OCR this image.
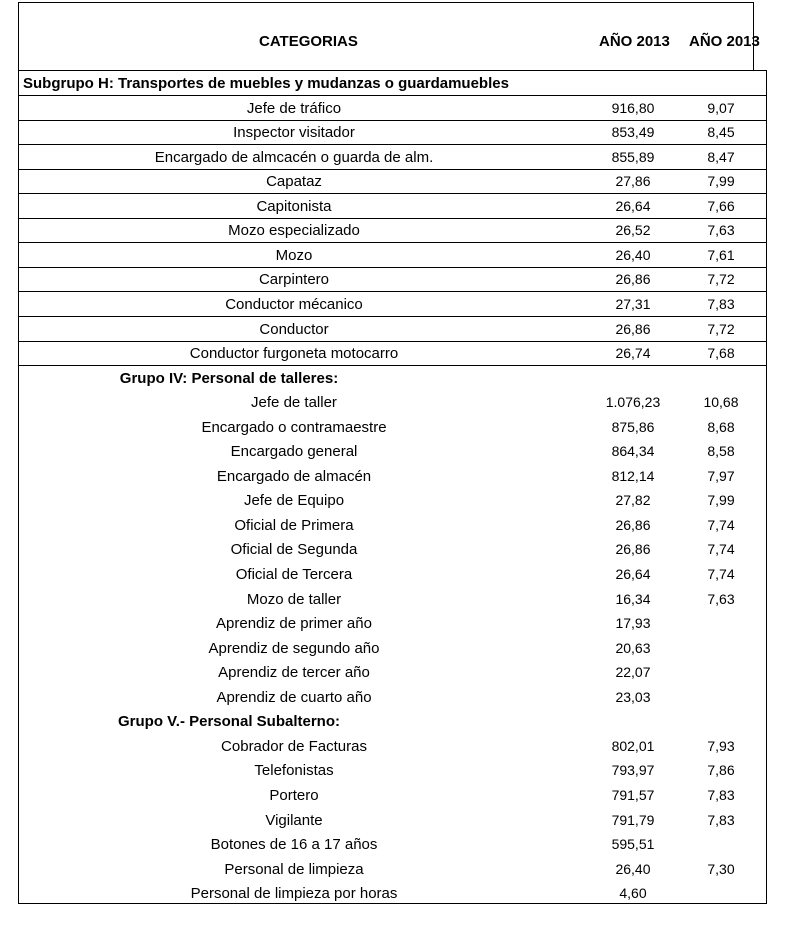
CATEGORIAS	AÑO 2013 AÑO 2013
Subgrupo H: Transportes de muebles y mudanzas o guardamuebles
Jefe de tráfico	916,80	9,07
Inspector visitador	853,49	8,45
Encargado de almcacén o guarda de alm.	855,89	8,47
Capataz	27,86	7,99
Capitonista	26,64	7,66
Mozo especializado	26,52	7,63
Mozo	26,40	7,61
Carpintero	26,86	7,72
Conductor mécanico	27,31	7,83
Conductor	26,86	7,72
Conductor furgoneta motocarro	26,74	7,68
Grupo IV: Personal de talleres:
Jefe de taller	1.076,23	10,68
Encargado o contramaestre	875,86	8,68
Encargado general	864,34	8,58
Encargado de almacén	812,14	7,97
Jefe de Equipo	27,82	7,99
Oficial de Primera	26,86	7,74
Oficial de Segunda	26,86	7,74
Oficial de Tercera	26,64	7,74
Mozo de taller	16,34	7,63
Aprendiz de primer año	17,93
Aprendiz de segundo año	20,63
Aprendiz de tercer año	22,07
Aprendiz de cuarto año	23,03
Grupo V.- Personal Subalterno:
Cobrador de Facturas	802,01	7,93
Telefonistas	793,97	7,86
Portero	791,57	7,83
Vigilante	791,79	7,83
Botones de 16 a 17 años	595,51
Personal de limpieza	26,40	7,30
Personal de limpieza por horas	4,60
